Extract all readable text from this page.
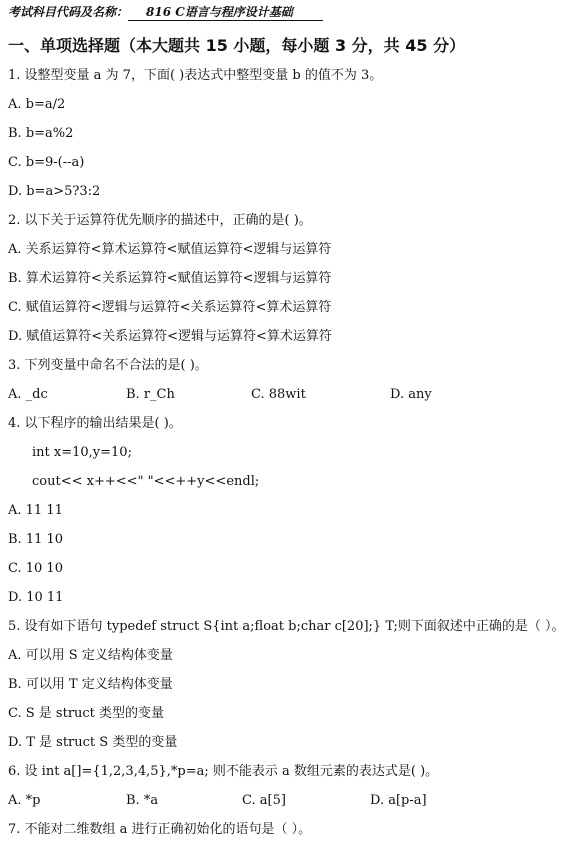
考试科目代码及名称： 816 C语言与程序设计基础
一、单项选择题（本大题共 15 小题，每小题 3 分，共 45 分）
1. 设整型变量 a 为 7，下面( )表达式中整型变量 b 的值不为 3。
A. b=a/2
B. b=a%2
C. b=9-(--a)
D. b=a>5?3:2
2. 以下关于运算符优先顺序的描述中，正确的是( )。
A. 关系运算符<算术运算符<赋值运算符<逻辑与运算符
B. 算术运算符<关系运算符<赋值运算符<逻辑与运算符
C. 赋值运算符<逻辑与运算符<关系运算符<算术运算符
D. 赋值运算符<关系运算符<逻辑与运算符<算术运算符
3. 下列变量中命名不合法的是( )。
A. _dc	B. r_Ch	C. 88wit	D. any
4. 以下程序的输出结果是( )。
int x=10,y=10;
cout<< x++<<" "<<++y<<endl;
A. 11 11
B. 11 10
C. 10 10
D. 10 11
5. 设有如下语句 typedef struct S{int a;float b;char c[20];} T;则下面叙述中正确的是（ ）。
A. 可以用 S 定义结构体变量
B. 可以用 T 定义结构体变量
C. S 是 struct 类型的变量
D. T 是 struct S 类型的变量
6. 设 int a[]={1,2,3,4,5},*p=a; 则不能表示 a 数组元素的表达式是( )。
A. *p	B. *a	C. a[5]	D. a[p-a]
7. 不能对二维数组 a 进行正确初始化的语句是（ ）。
